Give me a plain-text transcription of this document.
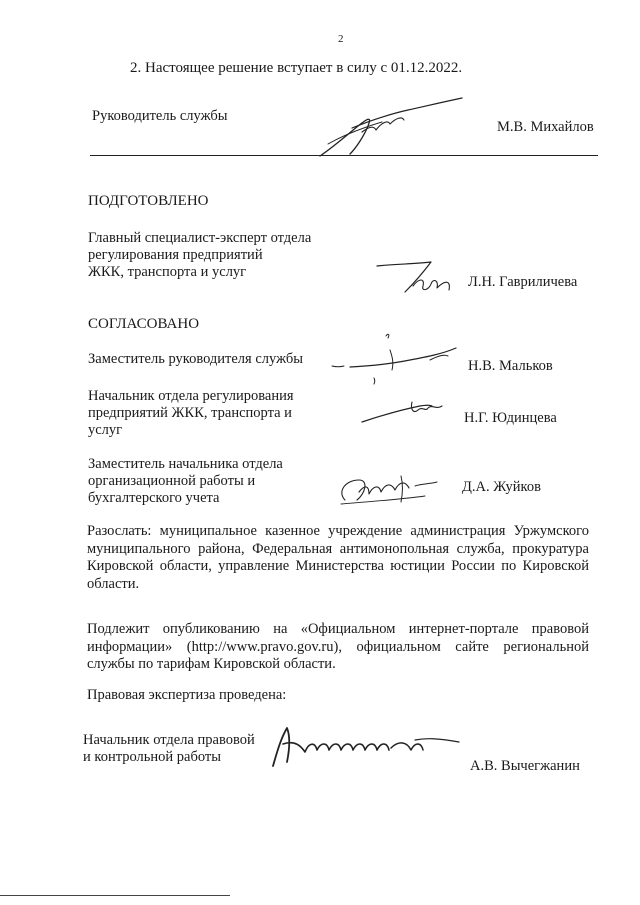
2
2. Настоящее решение вступает в силу с 01.12.2022.
Руководитель службы
М.В. Михайлов
ПОДГОТОВЛЕНО
Главный специалист-эксперт отдела
регулирования предприятий
ЖКК, транспорта и услуг
Л.Н. Гавриличева
СОГЛАСОВАНО
Заместитель руководителя службы	Н.В. Мальков
Начальник отдела регулирования
предприятий ЖКК, транспорта и
услуг
Н.Г. Юдинцева
Заместитель начальника отдела
организационной работы и
бухгалтерского учета
Д.А. Жуйков
Разослать: муниципальное казенное учреждение администрация Уржумского муниципального района, Федеральная антимонопольная служба, прокуратура Кировской области, управление Министерства юстиции России по Кировской области.
Подлежит опубликованию на «Официальном интернет-портале правовой информации» (http://www.pravo.gov.ru), официальном сайте региональной службы по тарифам Кировской области.
Правовая экспертиза проведена:
Начальник отдела правовой
и контрольной работы
А.В. Вычегжанин
